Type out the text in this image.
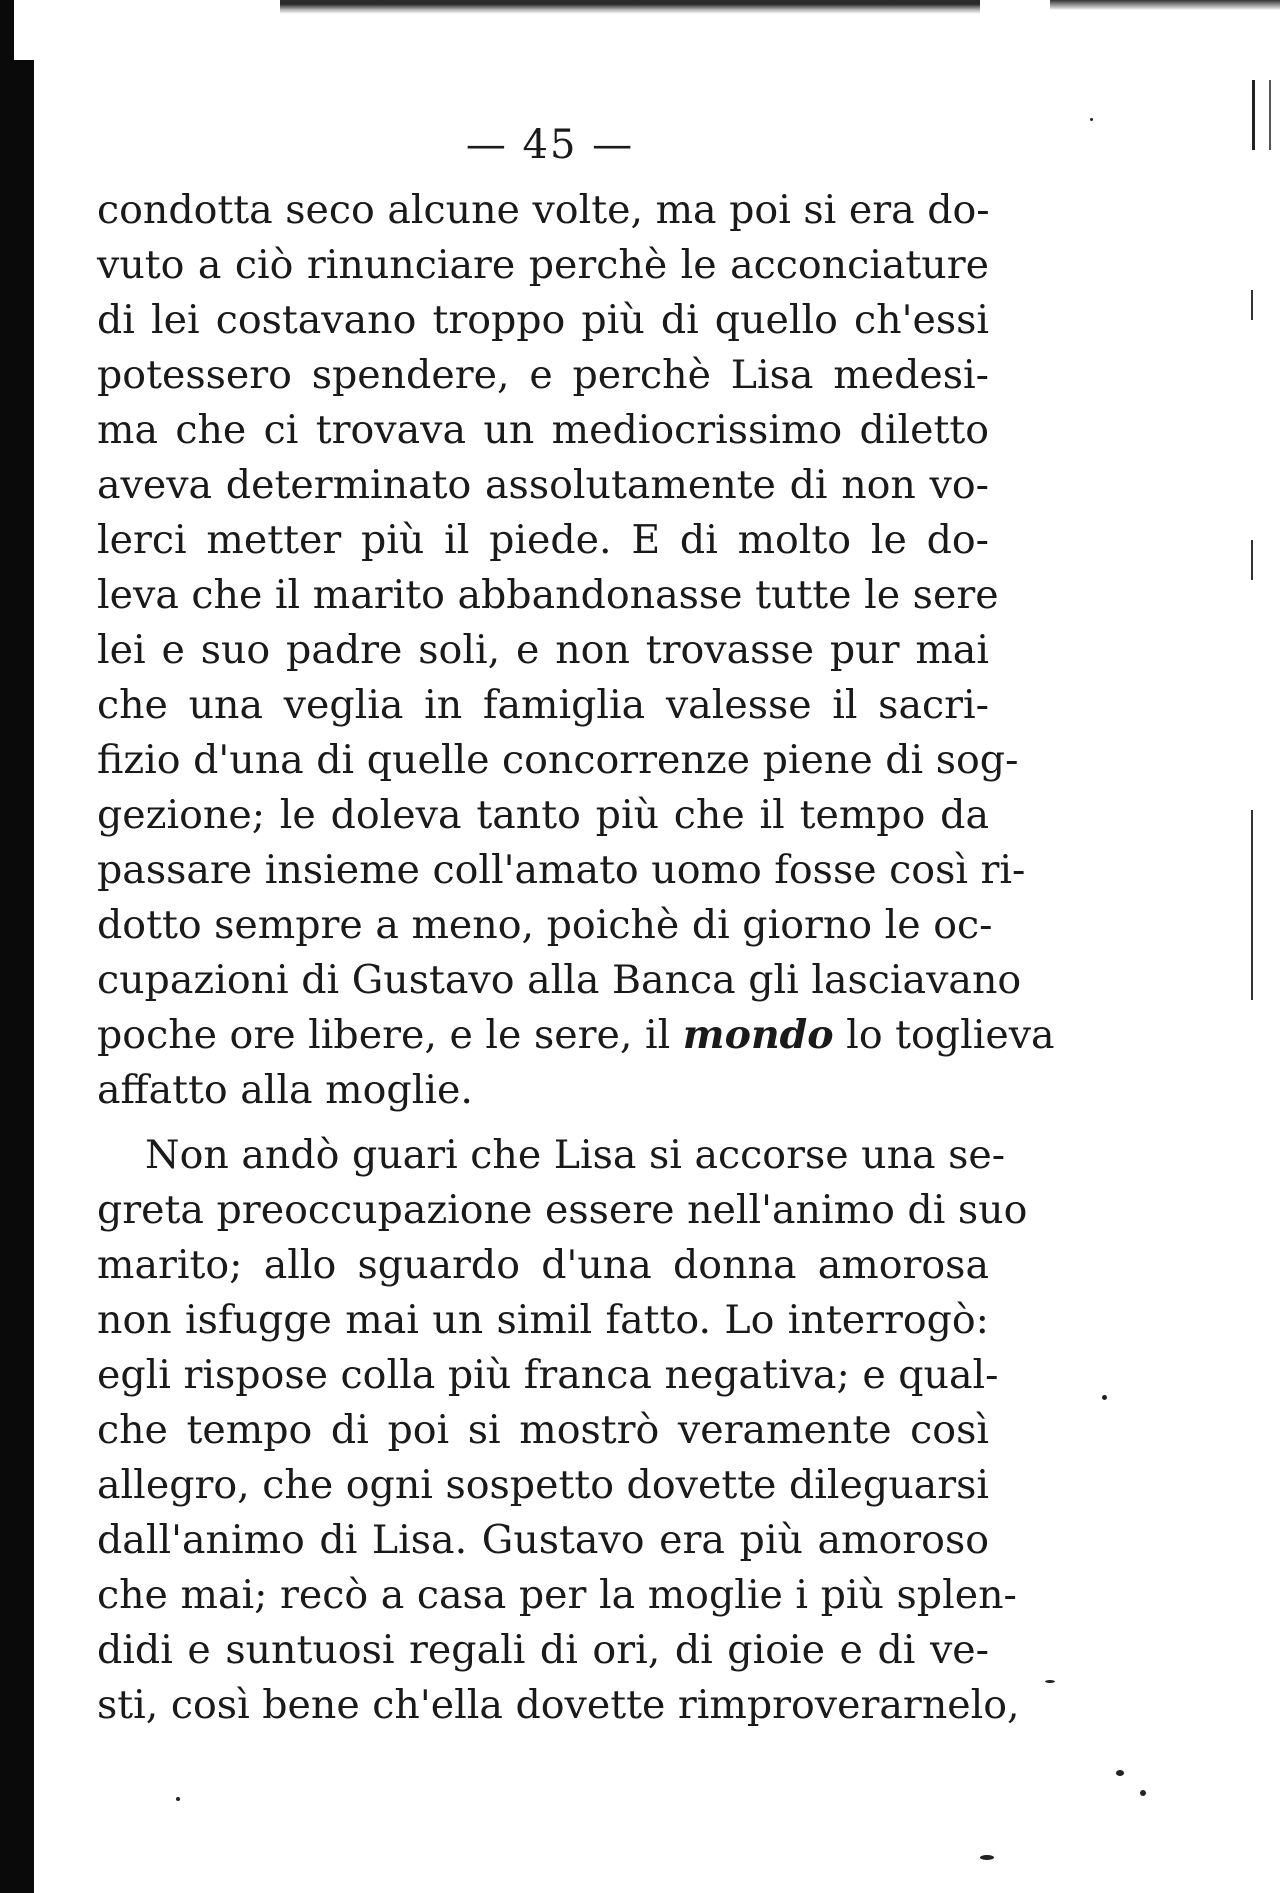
— 45 —
condotta seco alcune volte, ma poi si era do-
vuto a ciò rinunciare perchè le acconciature
di lei costavano troppo più di quello ch'essi
potessero spendere, e perchè Lisa medesi-
ma che ci trovava un mediocrissimo diletto
aveva determinato assolutamente di non vo-
lerci metter più il piede. E di molto le do-
leva che il marito abbandonasse tutte le sere
lei e suo padre soli, e non trovasse pur mai
che una veglia in famiglia valesse il sacri-
fizio d'una di quelle concorrenze piene di sog-
gezione; le doleva tanto più che il tempo da
passare insieme coll'amato uomo fosse così ri-
dotto sempre a meno, poichè di giorno le oc-
cupazioni di Gustavo alla Banca gli lasciavano
poche ore libere, e le sere, il mondo lo toglieva
affatto alla moglie.
Non andò guari che Lisa si accorse una se-
greta preoccupazione essere nell'animo di suo
marito; allo sguardo d'una donna amorosa
non isfugge mai un simil fatto. Lo interrogò:
egli rispose colla più franca negativa; e qual-
che tempo di poi si mostrò veramente così
allegro, che ogni sospetto dovette dileguarsi
dall'animo di Lisa. Gustavo era più amoroso
che mai; recò a casa per la moglie i più splen-
didi e suntuosi regali di ori, di gioie e di ve-
sti, così bene ch'ella dovette rimproverarnelo,
